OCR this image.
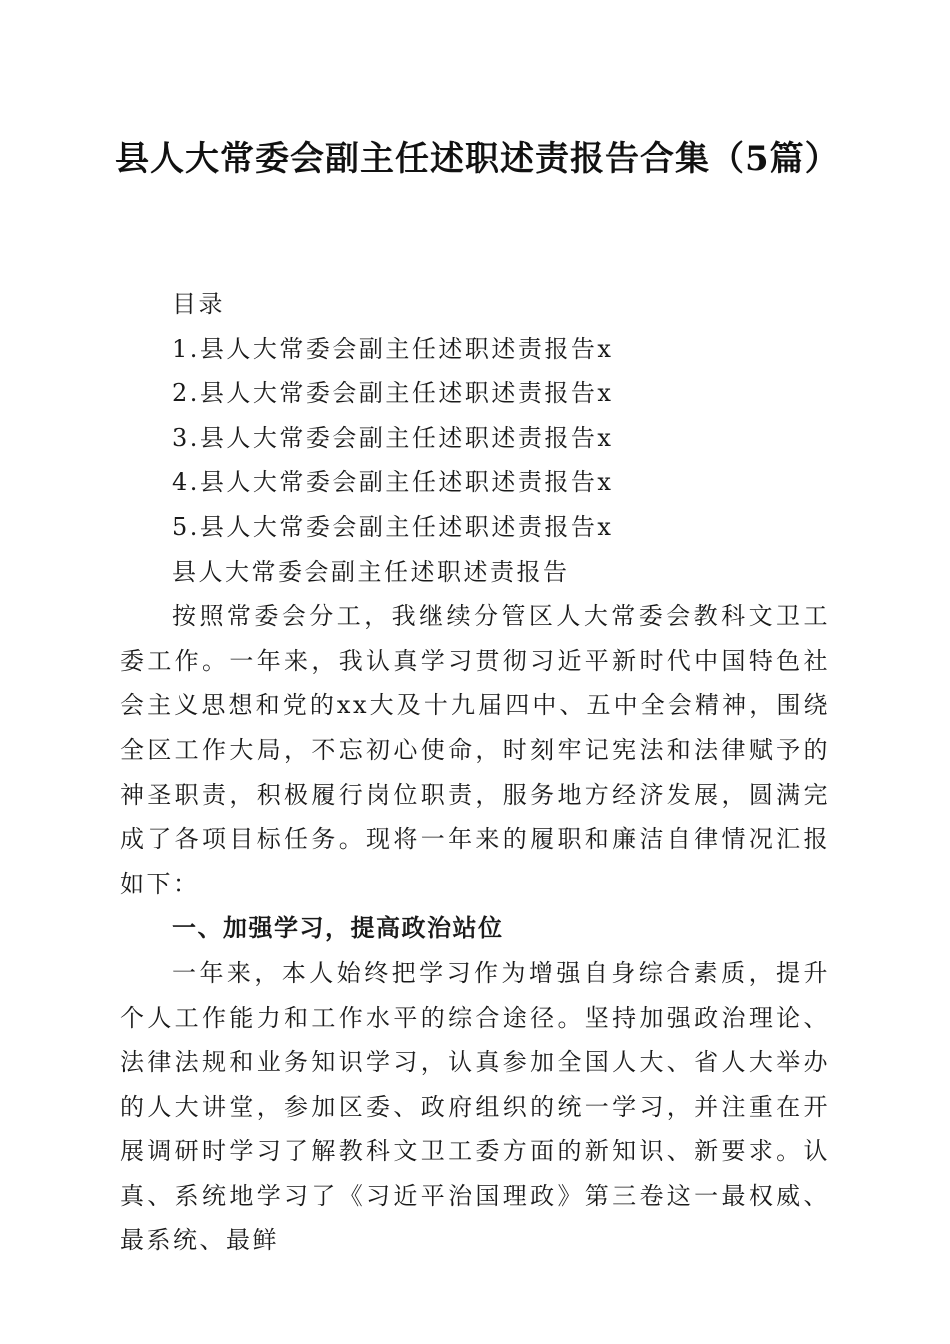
县人大常委会副主任述职述责报告合集（5篇）
目录
1.县人大常委会副主任述职述责报告x
2.县人大常委会副主任述职述责报告x
3.县人大常委会副主任述职述责报告x
4.县人大常委会副主任述职述责报告x
5.县人大常委会副主任述职述责报告x
县人大常委会副主任述职述责报告
按照常委会分工，我继续分管区人大常委会教科文卫工委工作。一年来，我认真学习贯彻习近平新时代中国特色社会主义思想和党的xx大及十九届四中、五中全会精神，围绕全区工作大局，不忘初心使命，时刻牢记宪法和法律赋予的神圣职责，积极履行岗位职责，服务地方经济发展，圆满完成了各项目标任务。现将一年来的履职和廉洁自律情况汇报如下：
一、加强学习，提高政治站位
一年来，本人始终把学习作为增强自身综合素质，提升个人工作能力和工作水平的综合途径。坚持加强政治理论、法律法规和业务知识学习，认真参加全国人大、省人大举办的人大讲堂，参加区委、政府组织的统一学习，并注重在开展调研时学习了解教科文卫工委方面的新知识、新要求。认真、系统地学习了《习近平治国理政》第三卷这一最权威、最系统、最鲜
